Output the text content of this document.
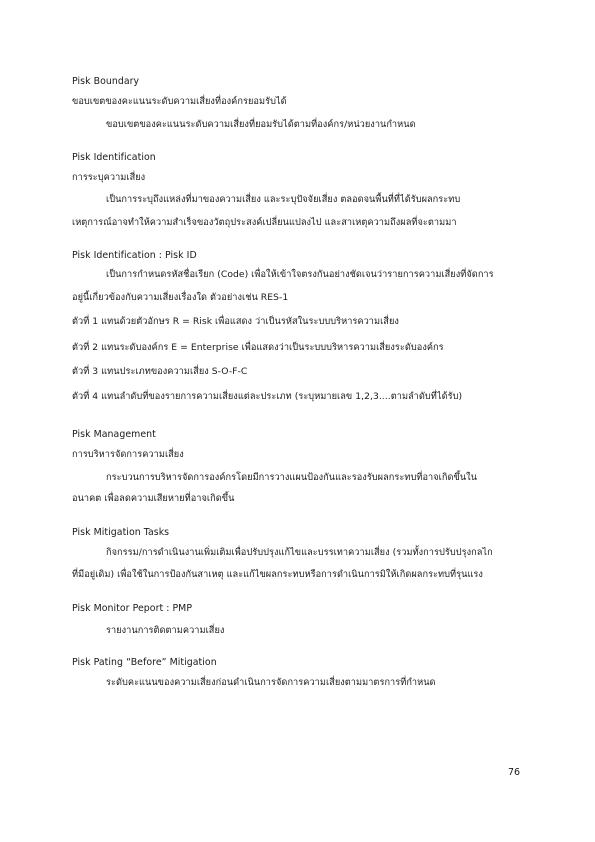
Pisk Boundary
ขอบเขตของคะแนนระดับความเสี่ยงที่องค์กรยอมรับได้
ขอบเขตของคะแนนระดับความเสี่ยงที่ยอมรับได้ตามที่องค์กร/หน่วยงานกำหนด
Pisk Identification
การระบุความเสี่ยง
เป็นการระบุถึงแหล่งที่มาของความเสี่ยง และระบุปัจจัยเสี่ยง ตลอดจนพื้นที่ที่ได้รับผลกระทบ
เหตุการณ์อาจทำให้ความสำเร็จของวัตถุประสงค์เปลี่ยนแปลงไป และสาเหตุความถึงผลที่จะตามมา
Pisk Identification : Pisk ID
เป็นการกำหนดรหัสชื่อเรียก (Code) เพื่อให้เข้าใจตรงกันอย่างชัดเจนว่ารายการความเสี่ยงที่จัดการ
อยู่นี้เกี่ยวข้องกับความเสี่ยงเรื่องใด ตัวอย่างเช่น RES-1
ตัวที่ 1 แทนด้วยตัวอักษร R = Risk เพื่อแสดง ว่าเป็นรหัสในระบบบริหารความเสี่ยง
ตัวที่ 2 แทนระดับองค์กร E = Enterprise เพื่อแสดงว่าเป็นระบบบริหารความเสี่ยงระดับองค์กร
ตัวที่ 3 แทนประเภทของความเสี่ยง S-O-F-C
ตัวที่ 4 แทนลำดับที่ของรายการความเสี่ยงแต่ละประเภท (ระบุหมายเลข 1,2,3....ตามลำดับที่ได้รับ)
Pisk Management
การบริหารจัดการความเสี่ยง
กระบวนการบริหารจัดการองค์กรโดยมีการวางแผนป้องกันและรองรับผลกระทบที่อาจเกิดขึ้นใน
อนาคต เพื่อลดความเสียหายที่อาจเกิดขึ้น
Pisk Mitigation Tasks
กิจกรรม/การดำเนินงานเพิ่มเติมเพื่อปรับปรุงแก้ไขและบรรเทาความเสี่ยง (รวมทั้งการปรับปรุงกลไก
ที่มีอยู่เดิม) เพื่อใช้ในการป้องกันสาเหตุ และแก้ไขผลกระทบหรือการดำเนินการมิให้เกิดผลกระทบที่รุนแรง
Pisk Monitor Peport : PMP
รายงานการติดตามความเสี่ยง
Pisk Pating “Before” Mitigation
ระดับคะแนนของความเสี่ยงก่อนดำเนินการจัดการความเสี่ยงตามมาตรการที่กำหนด
76
